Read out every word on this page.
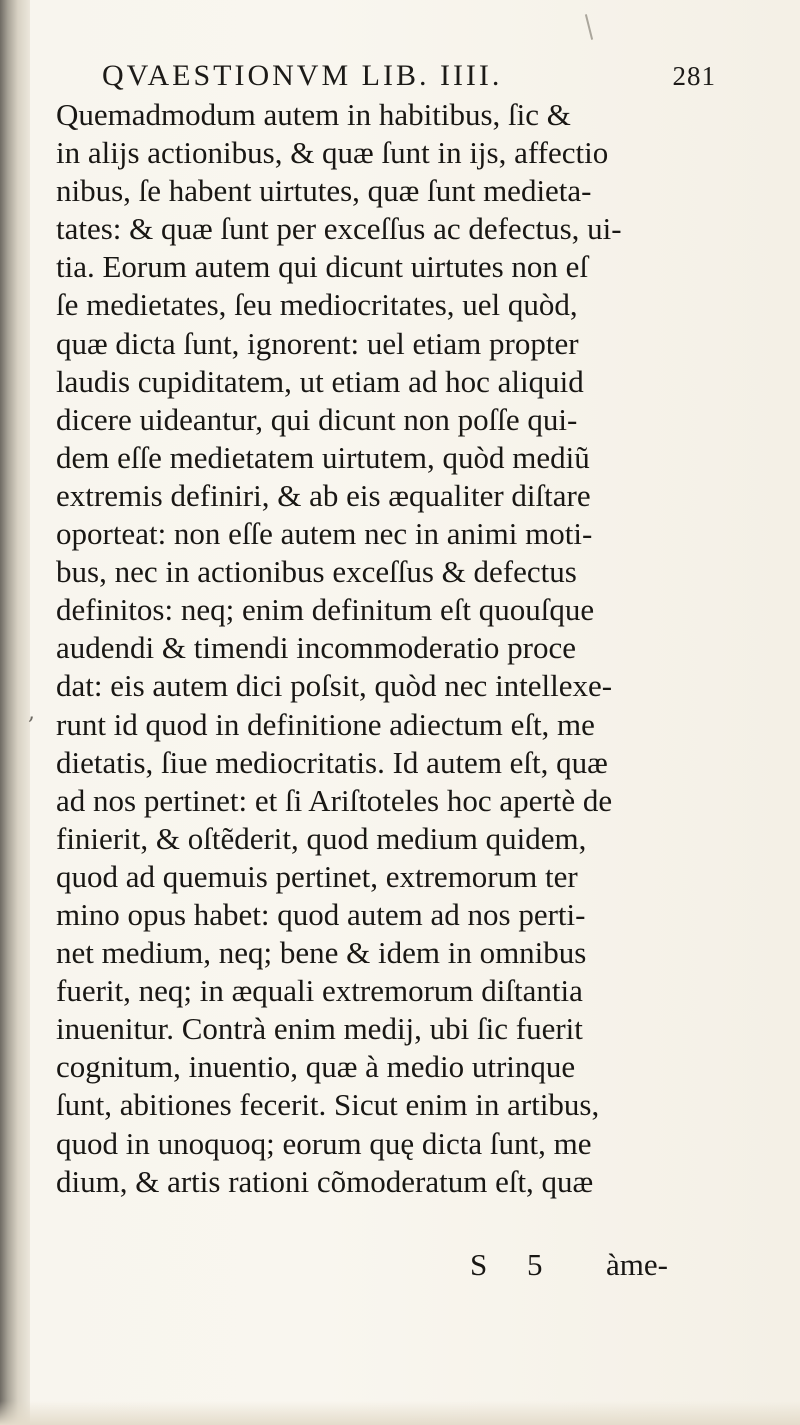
,
QVAESTIONVM LIB. IIII.	281
Quemadmodum autem in habitibus, ſic &
in alijs actionibus, & quæ ſunt in ijs, affectio
nibus, ſe habent uirtutes, quæ ſunt medieta-
tates: & quæ ſunt per exceſſus ac defectus, ui-
tia. Eorum autem qui dicunt uirtutes non eſ
ſe medietates, ſeu mediocritates, uel quòd,
quæ dicta ſunt, ignorent: uel etiam propter
laudis cupiditatem, ut etiam ad hoc aliquid
dicere uideantur, qui dicunt non poſſe qui-
dem eſſe medietatem uirtutem, quòd mediũ
extremis definiri, & ab eis æqualiter diſtare
oporteat: non eſſe autem nec in animi moti-
bus, nec in actionibus exceſſus & defectus
definitos: neq; enim definitum eſt quouſque
audendi & timendi incommoderatio proce
dat: eis autem dici poſsit, quòd nec intellexe-
runt id quod in definitione adiectum eſt, me
dietatis, ſiue mediocritatis. Id autem eſt, quæ
ad nos pertinet: et ſi Ariſtoteles hoc apertè de
finierit, & oſtẽderit, quod medium quidem,
quod ad quemuis pertinet, extremorum ter
mino opus habet: quod autem ad nos perti-
net medium, neq; bene & idem in omnibus
fuerit, neq; in æquali extremorum diſtantia
inuenitur. Contrà enim medij, ubi ſic fuerit
cognitum, inuentio, quæ à medio utrinque
ſunt, abitiones fecerit. Sicut enim in artibus,
quod in unoquoq; eorum quę dicta ſunt, me
dium, & artis rationi cõmoderatum eſt, quæ
S 5 àme-
